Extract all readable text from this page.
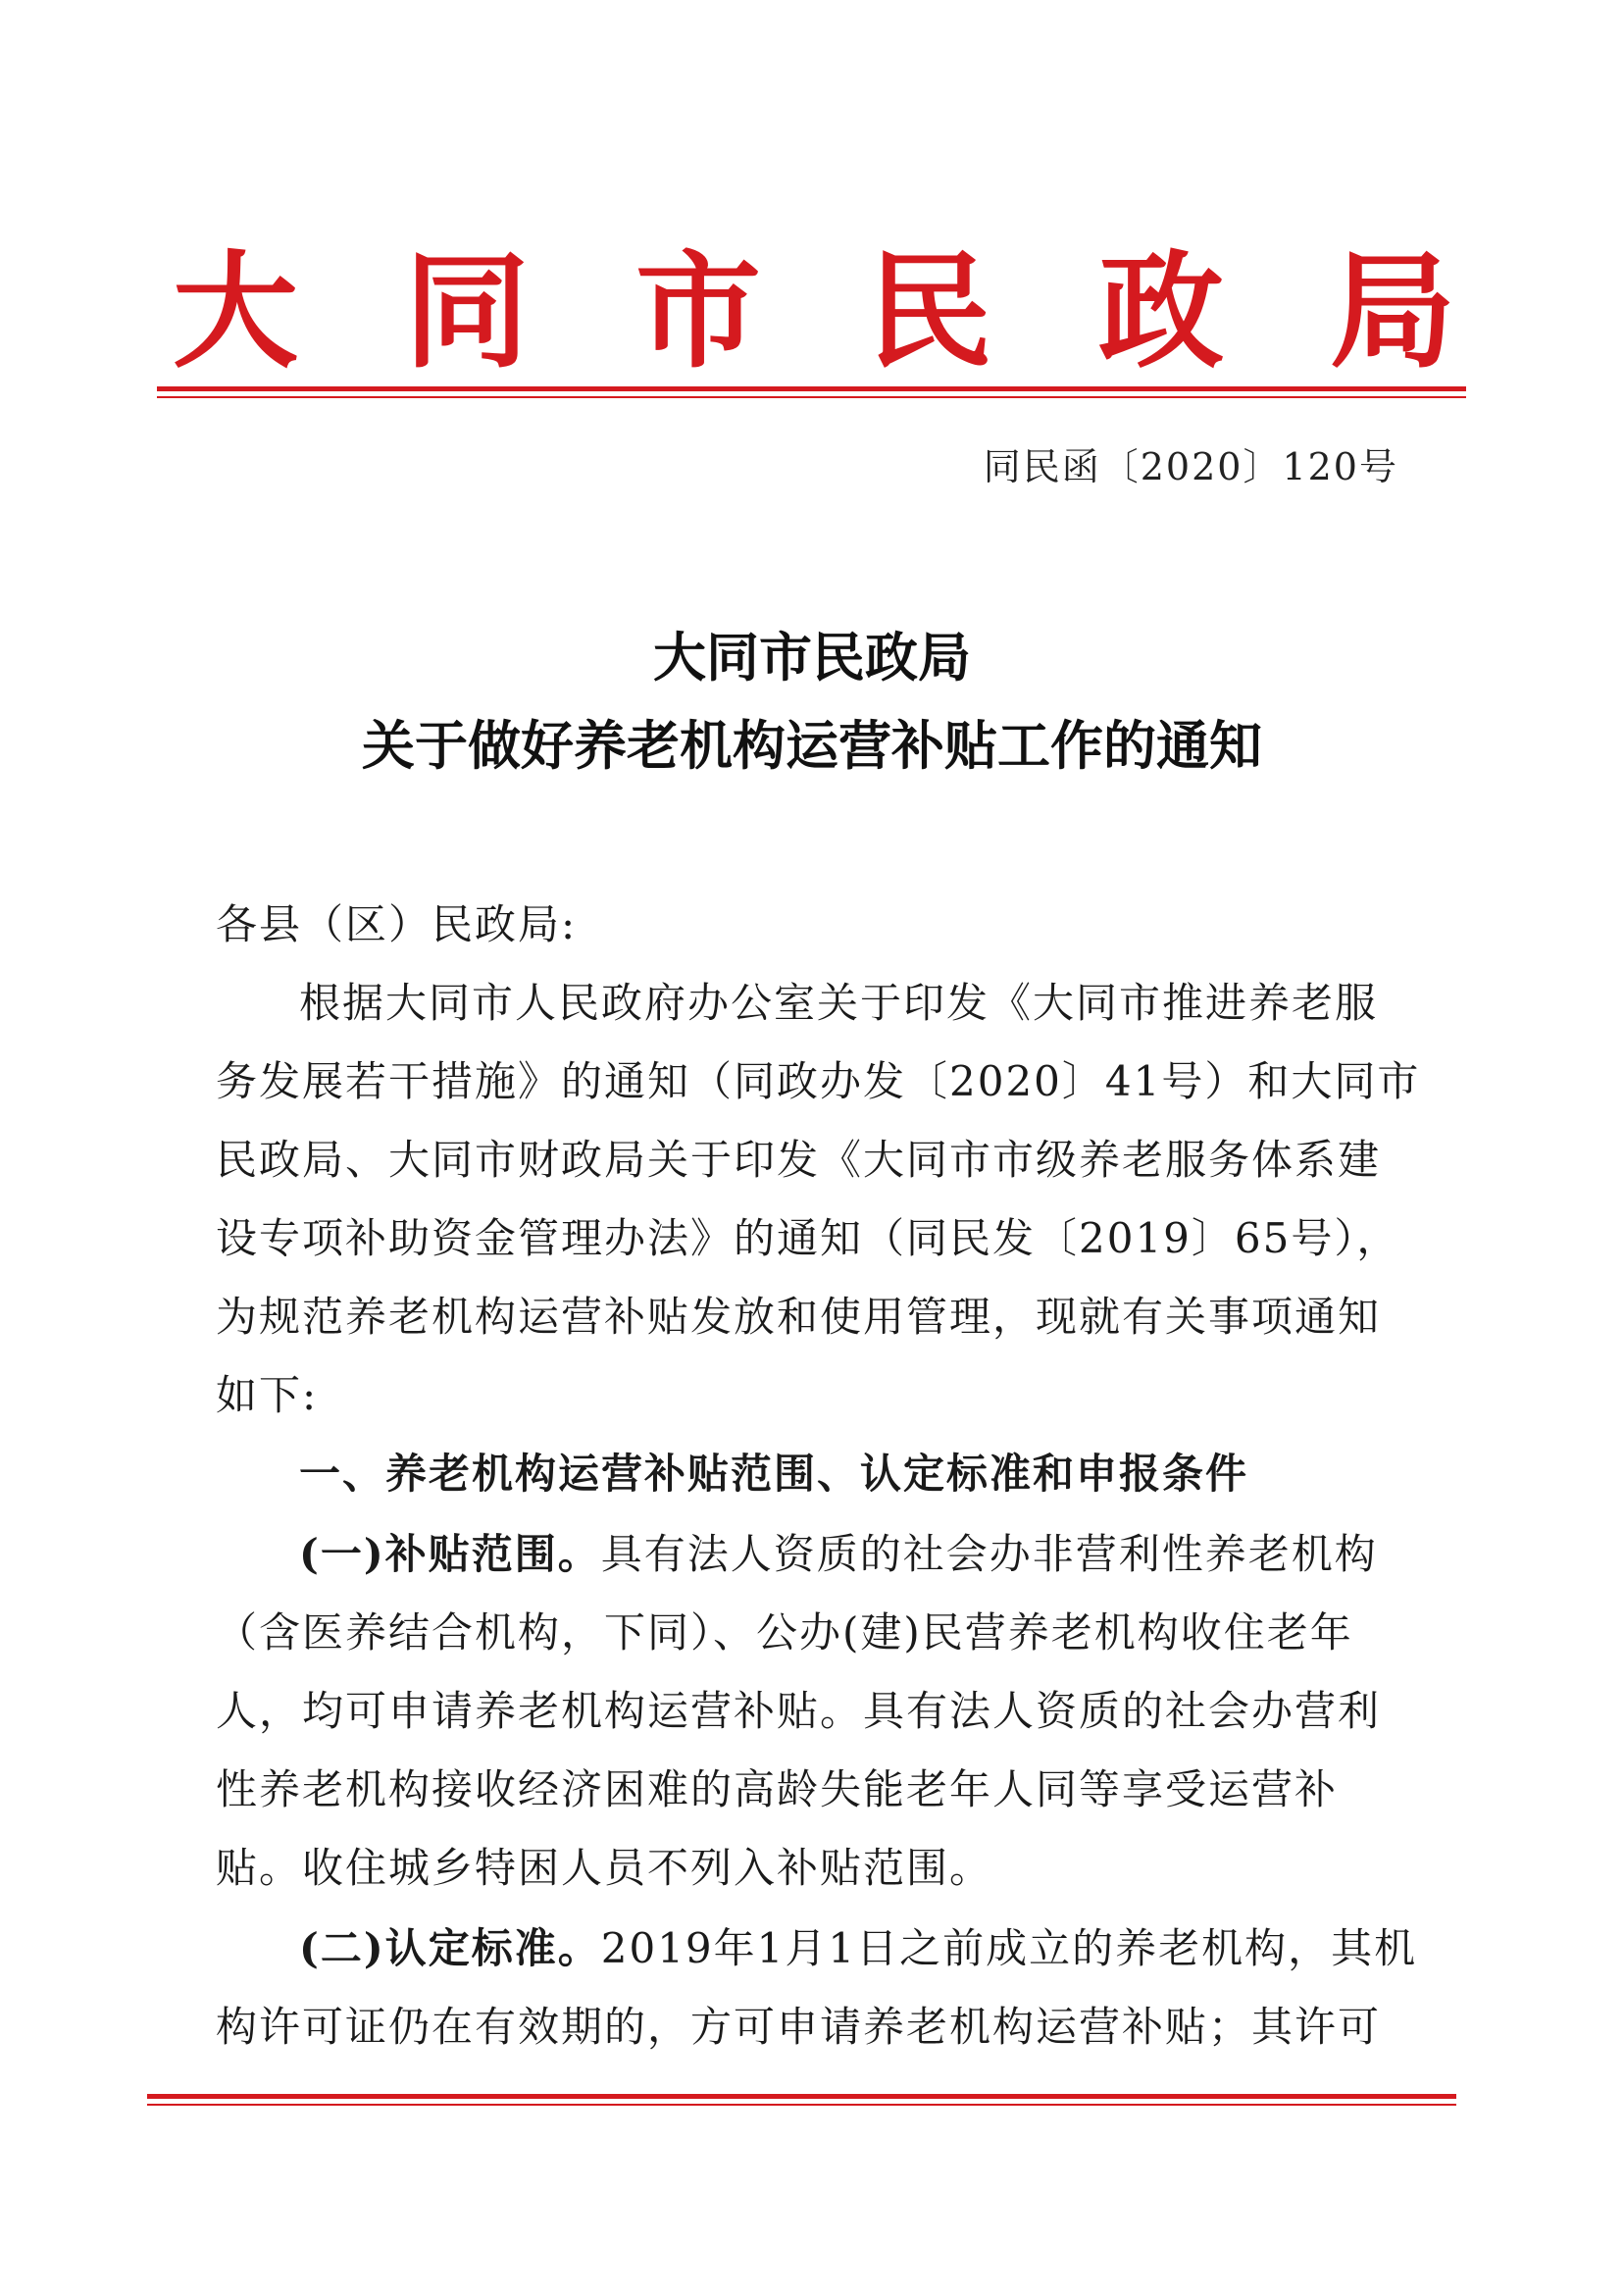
大 同 市 民 政 局
同民函〔2020〕120号
大同市民政局
关于做好养老机构运营补贴工作的通知
各县（区）民政局:
根据大同市人民政府办公室关于印发《大同市推进养老服
务发展若干措施》的通知（同政办发〔2020〕41号）和大同市
民政局、大同市财政局关于印发《大同市市级养老服务体系建
设专项补助资金管理办法》的通知（同民发〔2019〕65号），
为规范养老机构运营补贴发放和使用管理，现就有关事项通知
如下:
一、养老机构运营补贴范围、认定标准和申报条件
(一)补贴范围。具有法人资质的社会办非营利性养老机构
（含医养结合机构，下同）、公办(建)民营养老机构收住老年
人，均可申请养老机构运营补贴。具有法人资质的社会办营利
性养老机构接收经济困难的高龄失能老年人同等享受运营补
贴。收住城乡特困人员不列入补贴范围。
(二)认定标准。2019年1月1日之前成立的养老机构，其机
构许可证仍在有效期的，方可申请养老机构运营补贴；其许可
